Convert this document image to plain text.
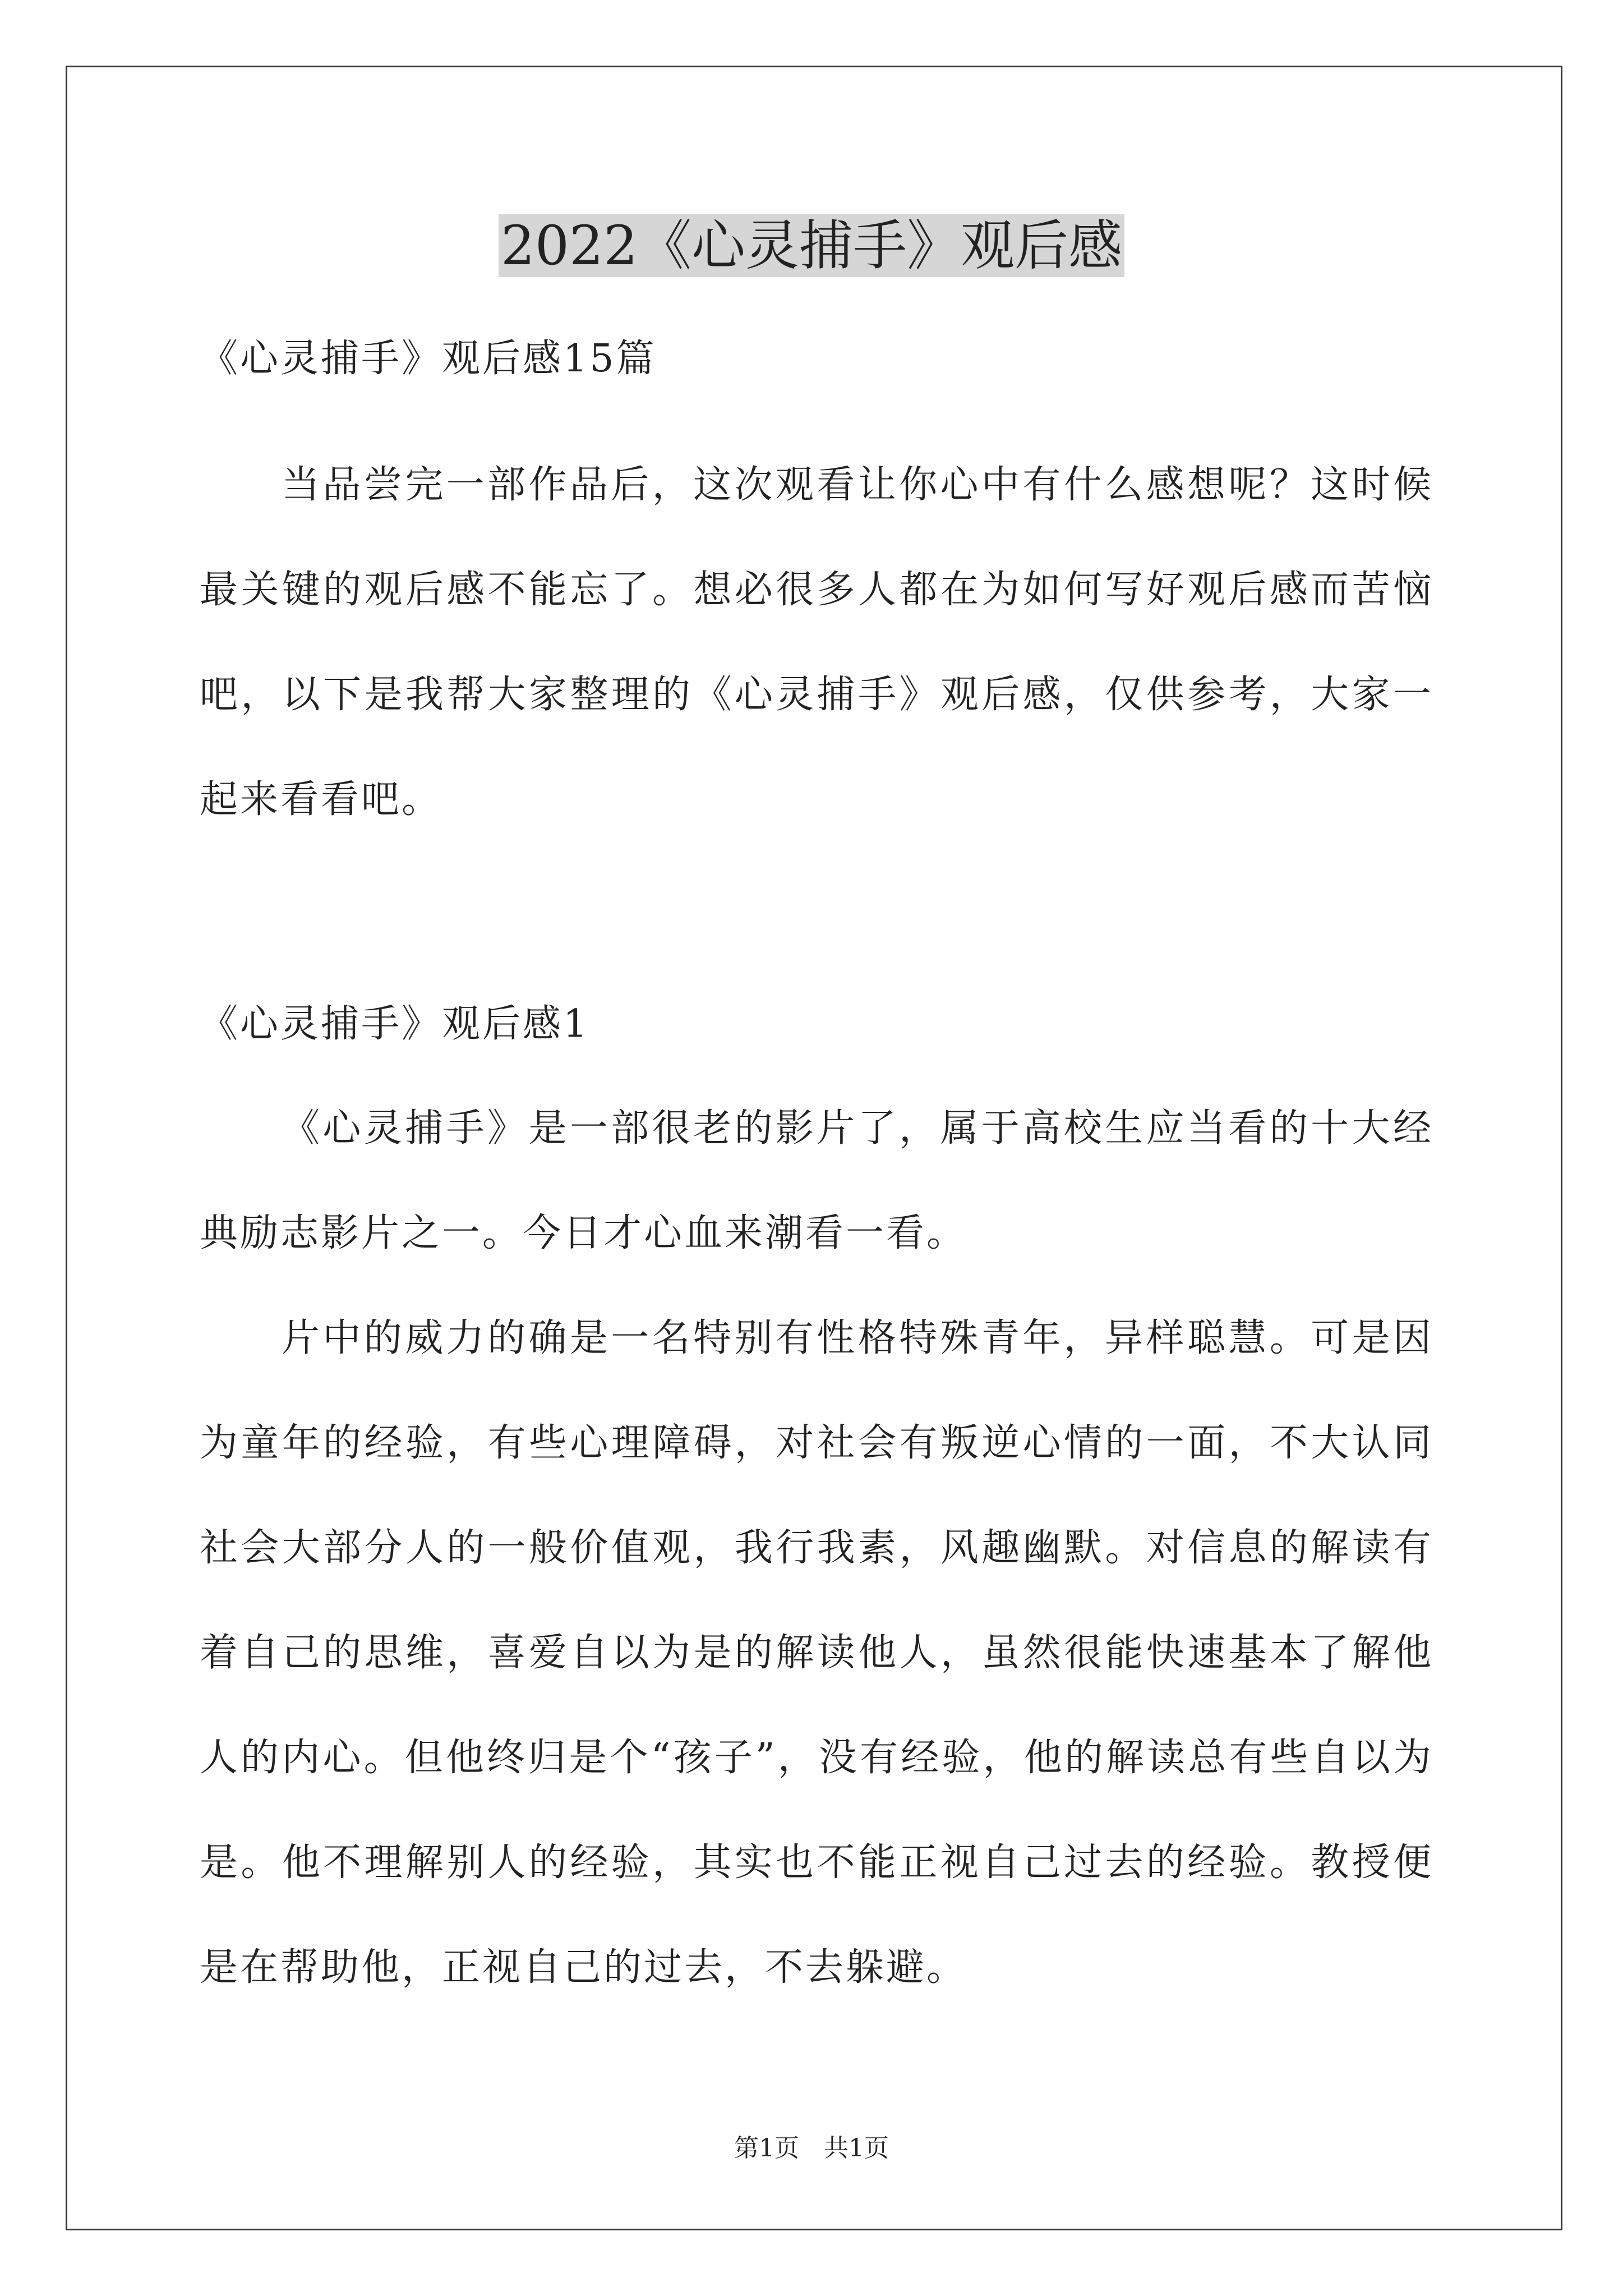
2022《心灵捕手》观后感
《心灵捕手》观后感15篇
当品尝完一部作品后，这次观看让你心中有什么感想呢？这时候
最关键的观后感不能忘了。想必很多人都在为如何写好观后感而苦恼
吧，以下是我帮大家整理的《心灵捕手》观后感，仅供参考，大家一
起来看看吧。
《心灵捕手》观后感1
《心灵捕手》是一部很老的影片了，属于高校生应当看的十大经
典励志影片之一。今日才心血来潮看一看。
片中的威力的确是一名特别有性格特殊青年，异样聪慧。可是因
为童年的经验，有些心理障碍，对社会有叛逆心情的一面，不大认同
社会大部分人的一般价值观，我行我素，风趣幽默。对信息的解读有
着自己的思维，喜爱自以为是的解读他人，虽然很能快速基本了解他
人的内心。但他终归是个“孩子”，没有经验，他的解读总有些自以为
是。他不理解别人的经验，其实也不能正视自己过去的经验。教授便
是在帮助他，正视自己的过去，不去躲避。
第1页　共1页
